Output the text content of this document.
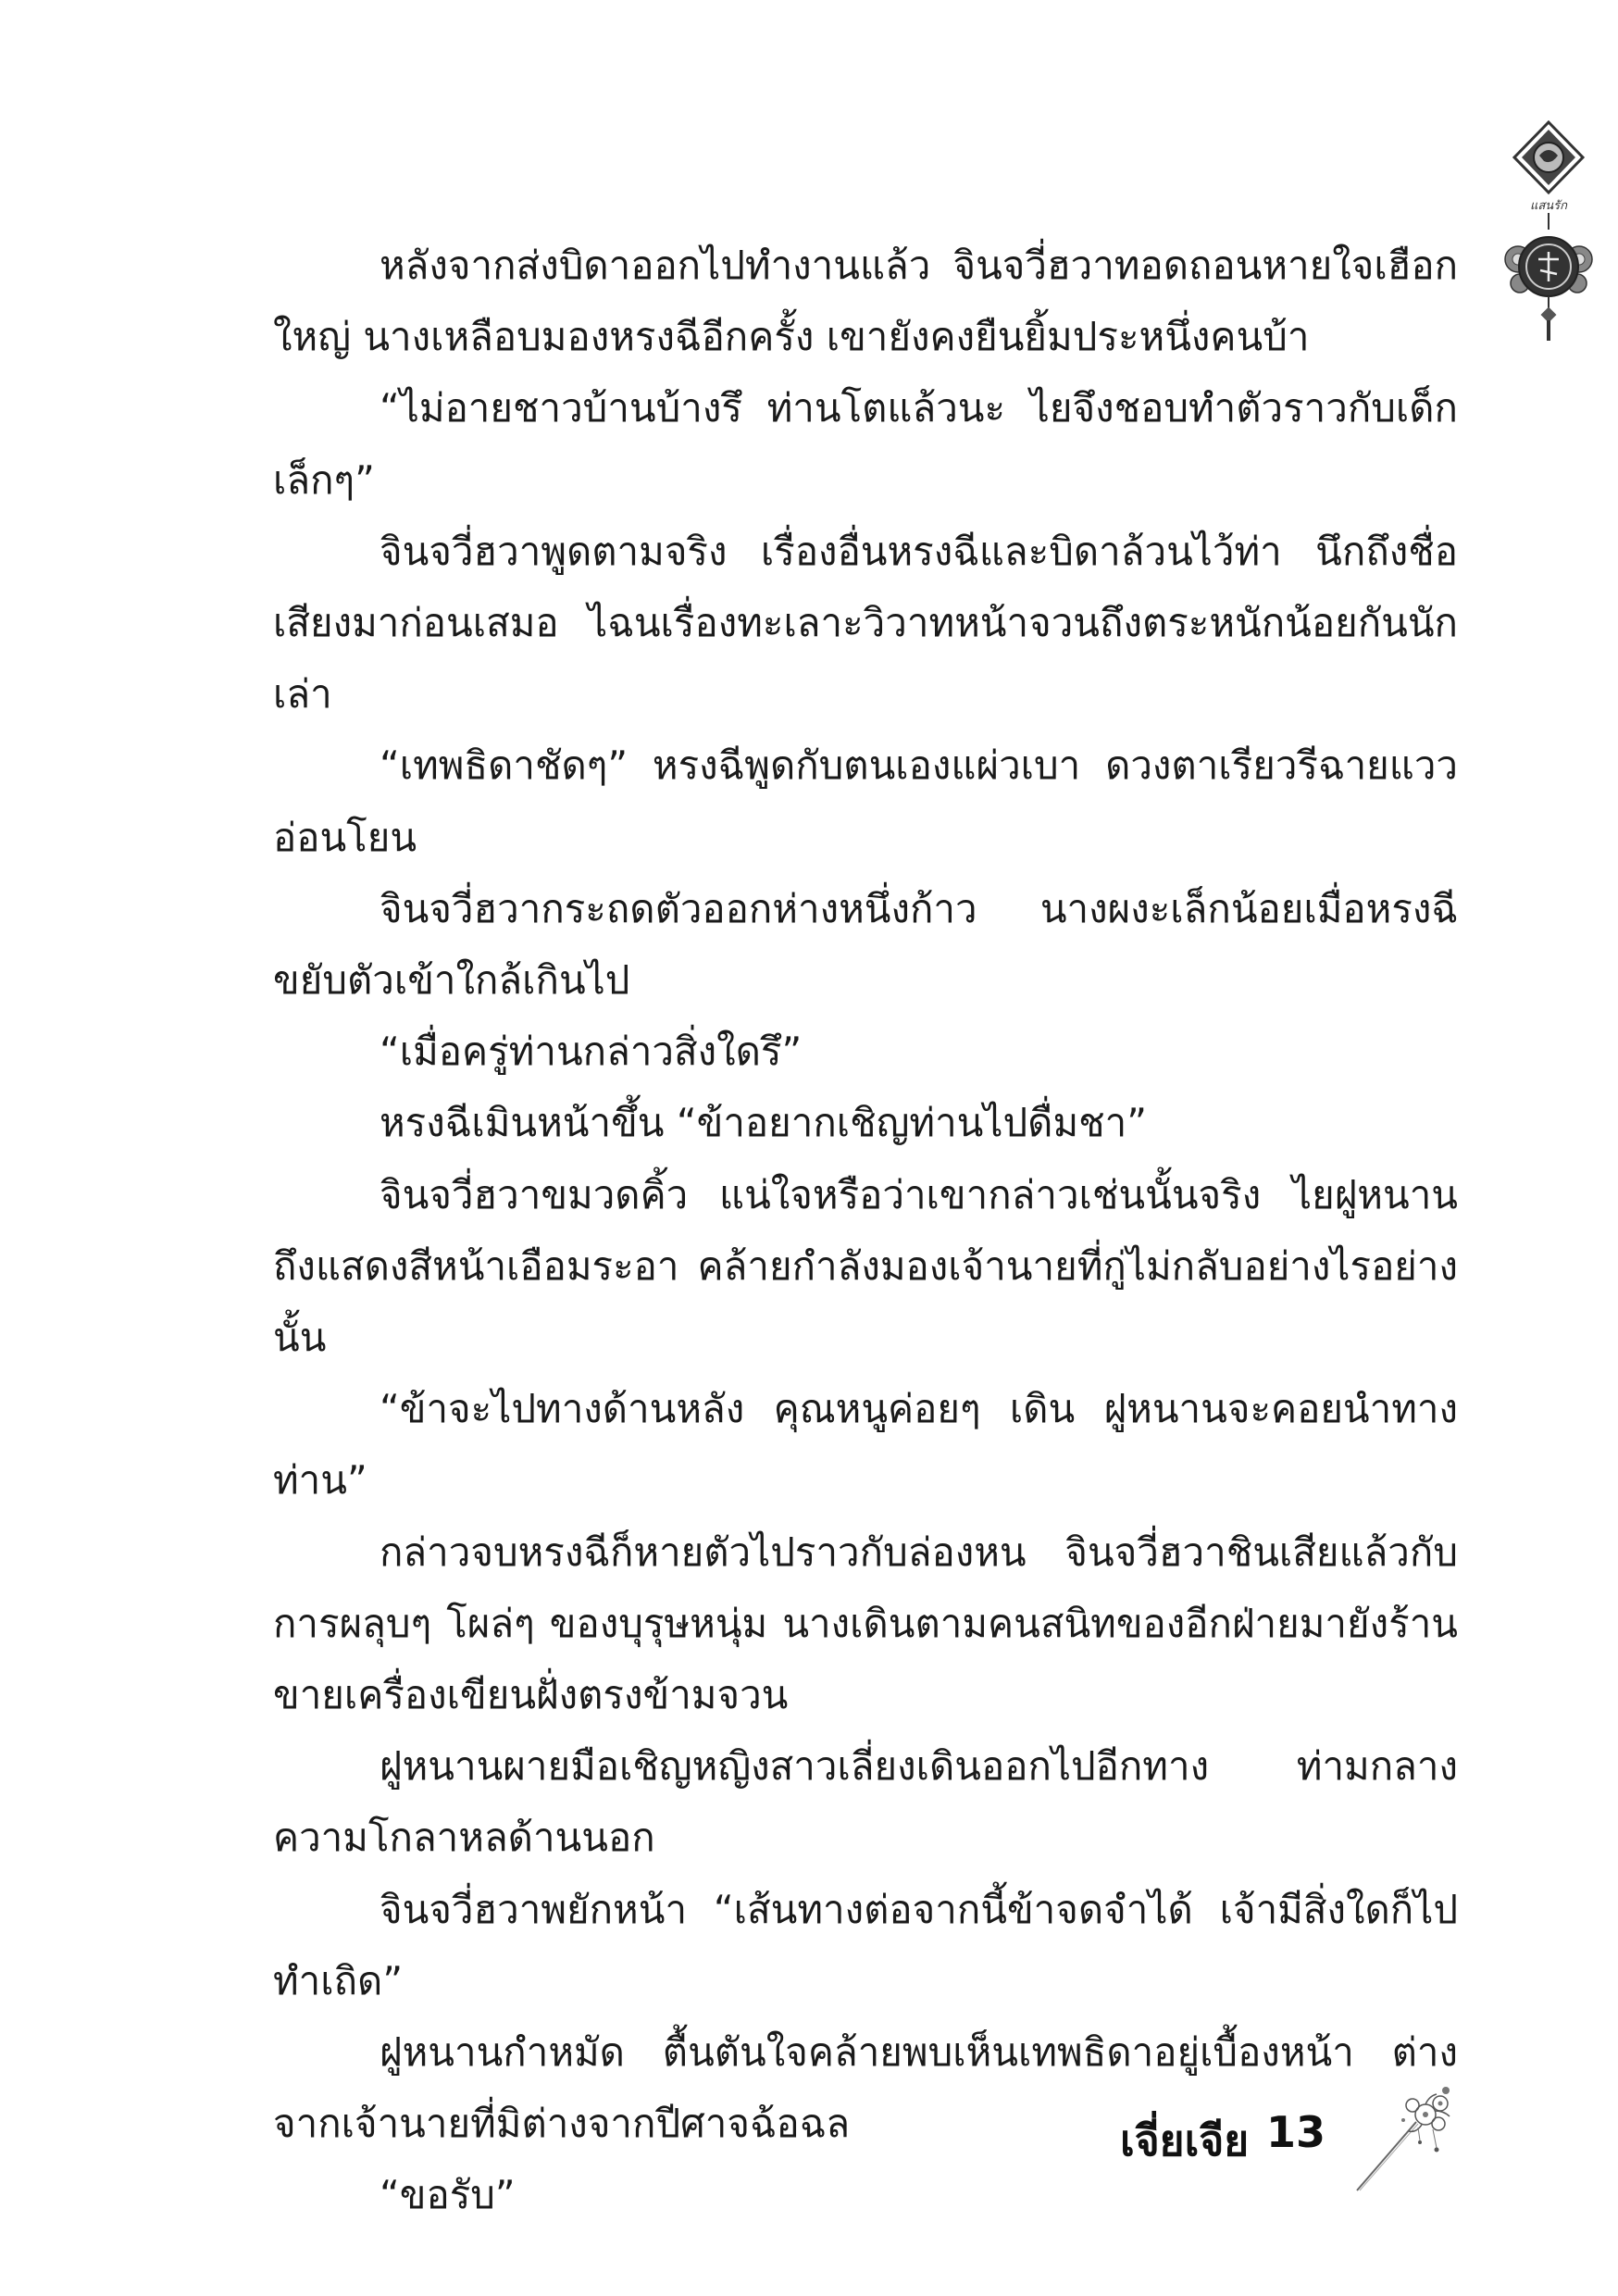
แสนรัก

หลังจากส่งบิดาออกไปทำงานแล้ว จินจวี่ฮวาทอดถอนหายใจเฮือกใหญ่ นางเหลือบมองหรงฉีอีกครั้ง เขายังคงยืนยิ้มประหนึ่งคนบ้า

“ไม่อายชาวบ้านบ้างรึ ท่านโตแล้วนะ ไยจึงชอบทำตัวราวกับเด็กเล็กๆ”

จินจวี่ฮวาพูดตามจริง เรื่องอื่นหรงฉีและบิดาล้วนไว้ท่า นึกถึงชื่อเสียงมาก่อนเสมอ ไฉนเรื่องทะเลาะวิวาทหน้าจวนถึงตระหนักน้อยกันนักเล่า

“เทพธิดาชัดๆ” หรงฉีพูดกับตนเองแผ่วเบา ดวงตาเรียวรีฉายแววอ่อนโยน

จินจวี่ฮวากระถดตัวออกห่างหนึ่งก้าว นางผงะเล็กน้อยเมื่อหรงฉีขยับตัวเข้าใกล้เกินไป

“เมื่อครู่ท่านกล่าวสิ่งใดรึ”

หรงฉีเมินหน้าขึ้น “ข้าอยากเชิญท่านไปดื่มชา”

จินจวี่ฮวาขมวดคิ้ว แน่ใจหรือว่าเขากล่าวเช่นนั้นจริง ไยฝูหนานถึงแสดงสีหน้าเอือมระอา คล้ายกำลังมองเจ้านายที่กู่ไม่กลับอย่างไรอย่างนั้น

“ข้าจะไปทางด้านหลัง คุณหนูค่อยๆ เดิน ฝูหนานจะคอยนำทางท่าน”

กล่าวจบหรงฉีก็หายตัวไปราวกับล่องหน จินจวี่ฮวาชินเสียแล้วกับการผลุบๆ โผล่ๆ ของบุรุษหนุ่ม นางเดินตามคนสนิทของอีกฝ่ายมายังร้านขายเครื่องเขียนฝั่งตรงข้ามจวน

ฝูหนานผายมือเชิญหญิงสาวเลี่ยงเดินออกไปอีกทาง ท่ามกลางความโกลาหลด้านนอก

จินจวี่ฮวาพยักหน้า “เส้นทางต่อจากนี้ข้าจดจำได้ เจ้ามีสิ่งใดก็ไปทำเถิด”

ฝูหนานกำหมัด ตื้นตันใจคล้ายพบเห็นเทพธิดาอยู่เบื้องหน้า ต่างจากเจ้านายที่มิต่างจากปีศาจฉ้อฉล

“ขอรับ”

เจี่ยเจีย 13
